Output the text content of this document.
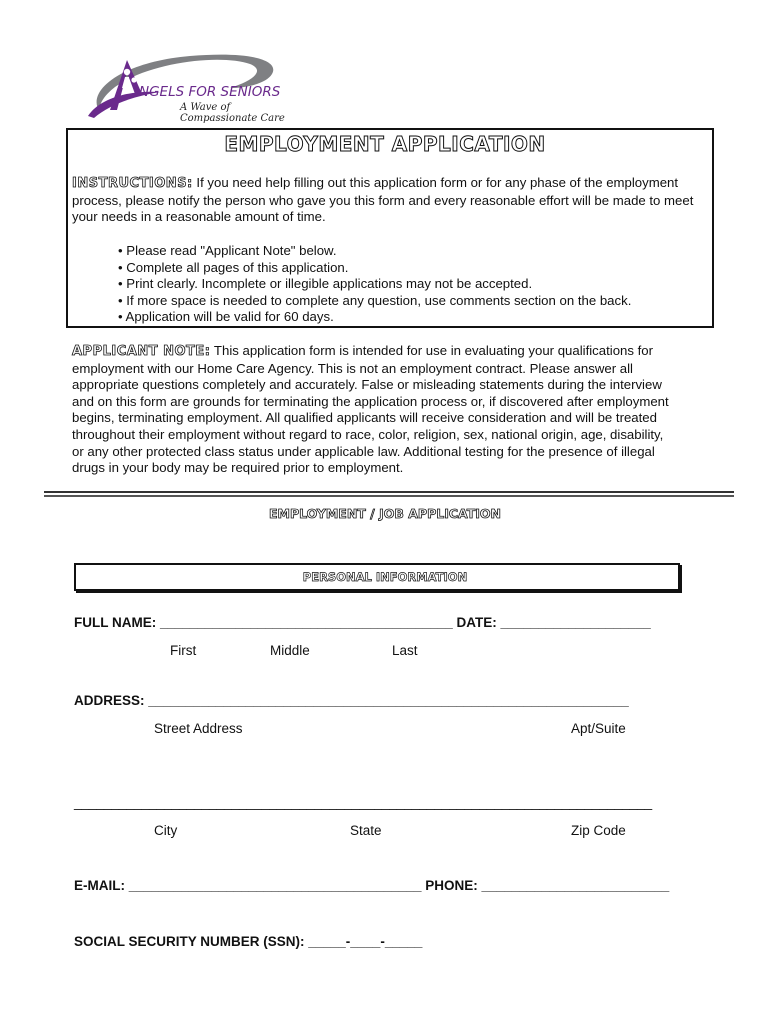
NGELS FOR SENIORS
A Wave of Compassionate Care
EMPLOYMENT APPLICATION
INSTRUCTIONS: If you need help filling out this application form or for any phase of the employment process, please notify the person who gave you this form and every reasonable effort will be made to meet your needs in a reasonable amount of time.
• Please read "Applicant Note" below.
• Complete all pages of this application.
• Print clearly. Incomplete or illegible applications may not be accepted.
• If more space is needed to complete any question, use comments section on the back.
• Application will be valid for 60 days.
APPLICANT NOTE: This application form is intended for use in evaluating your qualifications for employment with our Home Care Agency. This is not an employment contract. Please answer all appropriate questions completely and accurately. False or misleading statements during the interview and on this form are grounds for terminating the application process or, if discovered after employment begins, terminating employment. All qualified applicants will receive consideration and will be treated throughout their employment without regard to race, color, religion, sex, national origin, age, disability, or any other protected class status under applicable law. Additional testing for the presence of illegal drugs in your body may be required prior to employment.
EMPLOYMENT / JOB APPLICATION
PERSONAL INFORMATION
FULL NAME: _______________________________________ DATE: ____________________
First	Middle	Last
ADDRESS: ________________________________________________________________
Street Address	Apt/Suite
_____________________________________________________________________________
City	State	Zip Code
E-MAIL: _______________________________________ PHONE: _________________________
SOCIAL SECURITY NUMBER (SSN): _____-____-_____
